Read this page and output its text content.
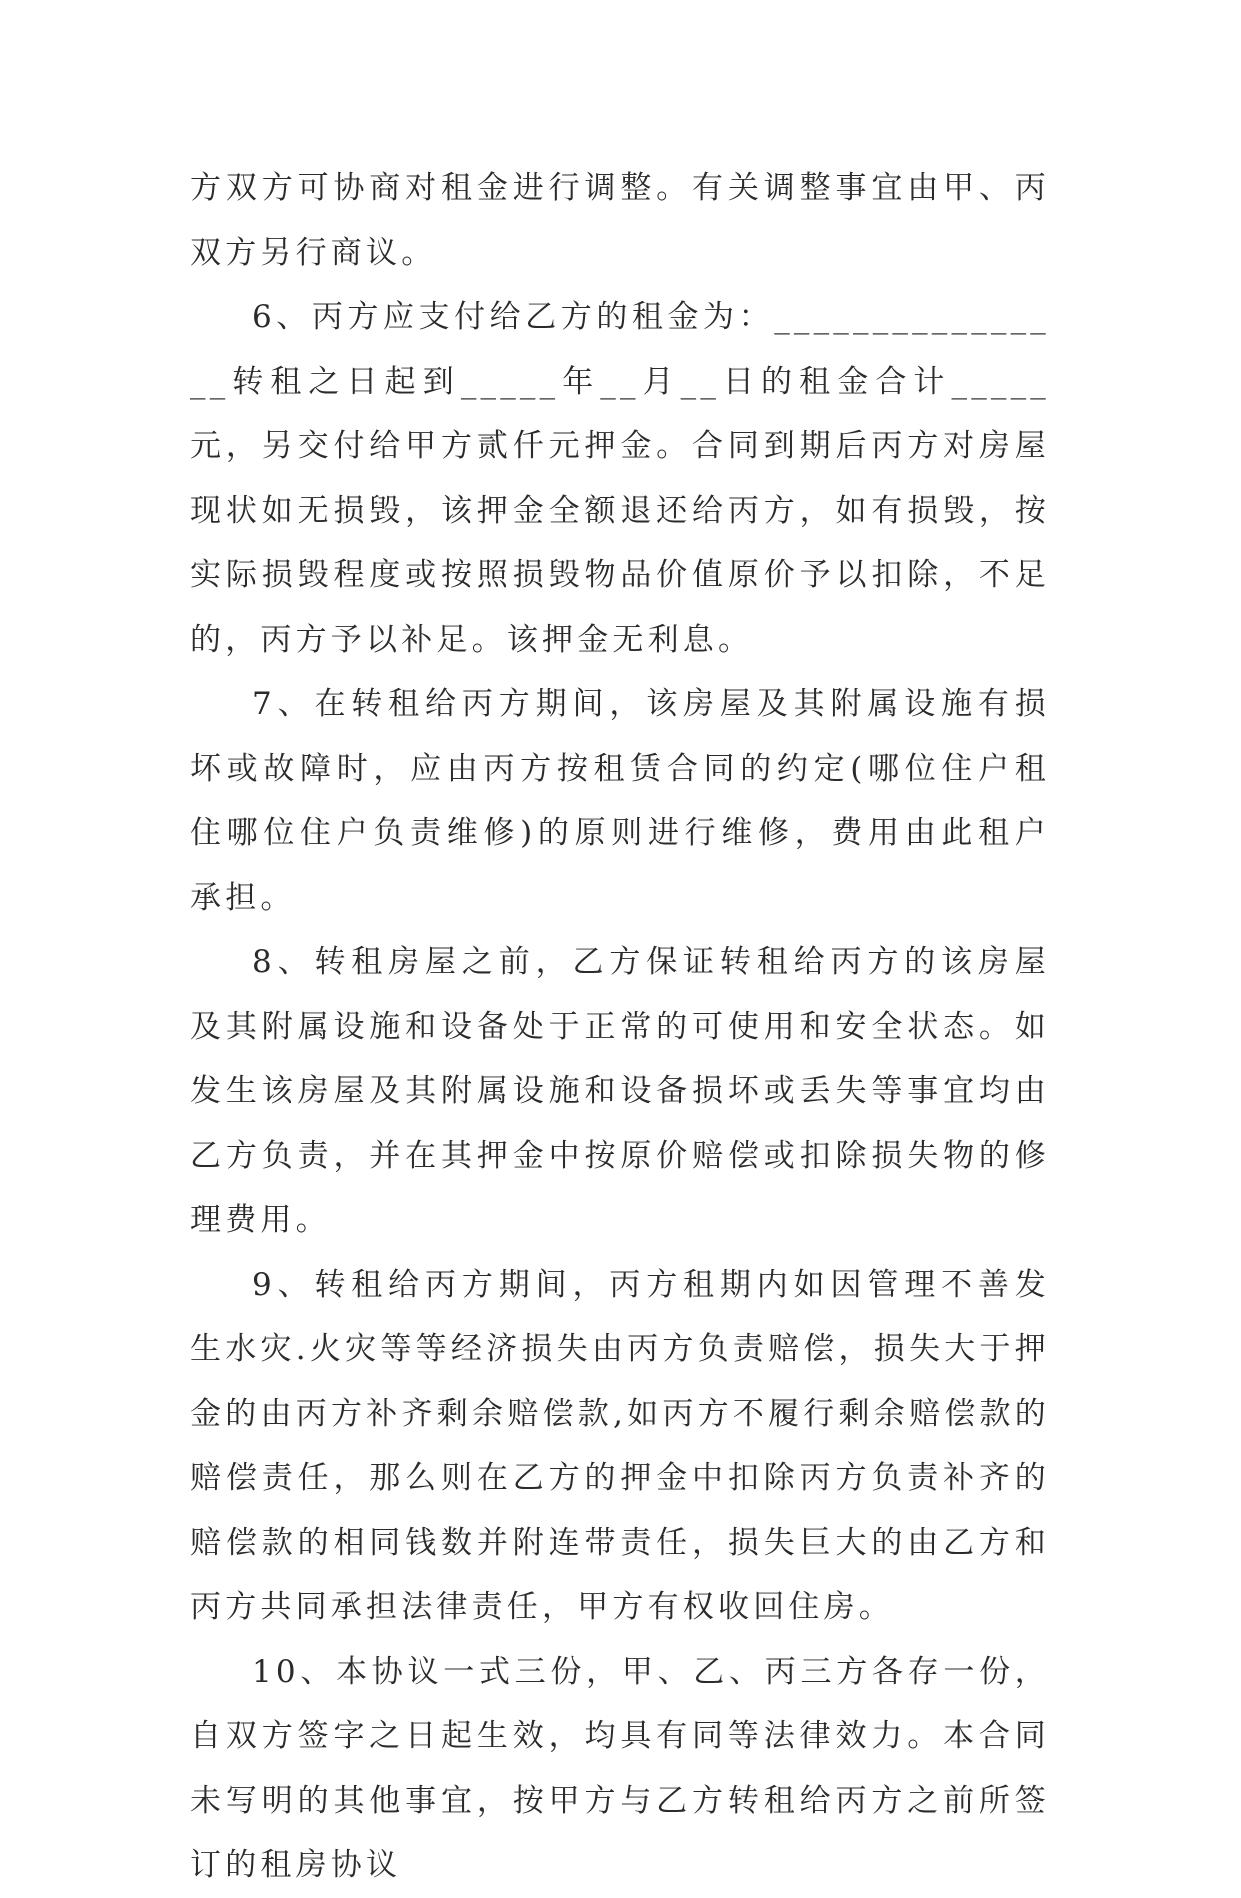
方双方可协商对租金进行调整。有关调整事宜由甲、丙双方另行商议。

6、丙方应支付给乙方的租金为：________________转租之日起到_____年__月__日的租金合计_____元，另交付给甲方贰仟元押金。合同到期后丙方对房屋现状如无损毁，该押金全额退还给丙方，如有损毁，按实际损毁程度或按照损毁物品价值原价予以扣除，不足的，丙方予以补足。该押金无利息。

7、在转租给丙方期间，该房屋及其附属设施有损坏或故障时，应由丙方按租赁合同的约定(哪位住户租住哪位住户负责维修)的原则进行维修，费用由此租户承担。

8、转租房屋之前，乙方保证转租给丙方的该房屋及其附属设施和设备处于正常的可使用和安全状态。如发生该房屋及其附属设施和设备损坏或丢失等事宜均由乙方负责，并在其押金中按原价赔偿或扣除损失物的修理费用。

9、转租给丙方期间，丙方租期内如因管理不善发生水灾.火灾等等经济损失由丙方负责赔偿，损失大于押金的由丙方补齐剩余赔偿款,如丙方不履行剩余赔偿款的赔偿责任，那么则在乙方的押金中扣除丙方负责补齐的赔偿款的相同钱数并附连带责任，损失巨大的由乙方和丙方共同承担法律责任，甲方有权收回住房。

10、本协议一式三份，甲、乙、丙三方各存一份，自双方签字之日起生效，均具有同等法律效力。本合同未写明的其他事宜，按甲方与乙方转租给丙方之前所签订的租房协议
